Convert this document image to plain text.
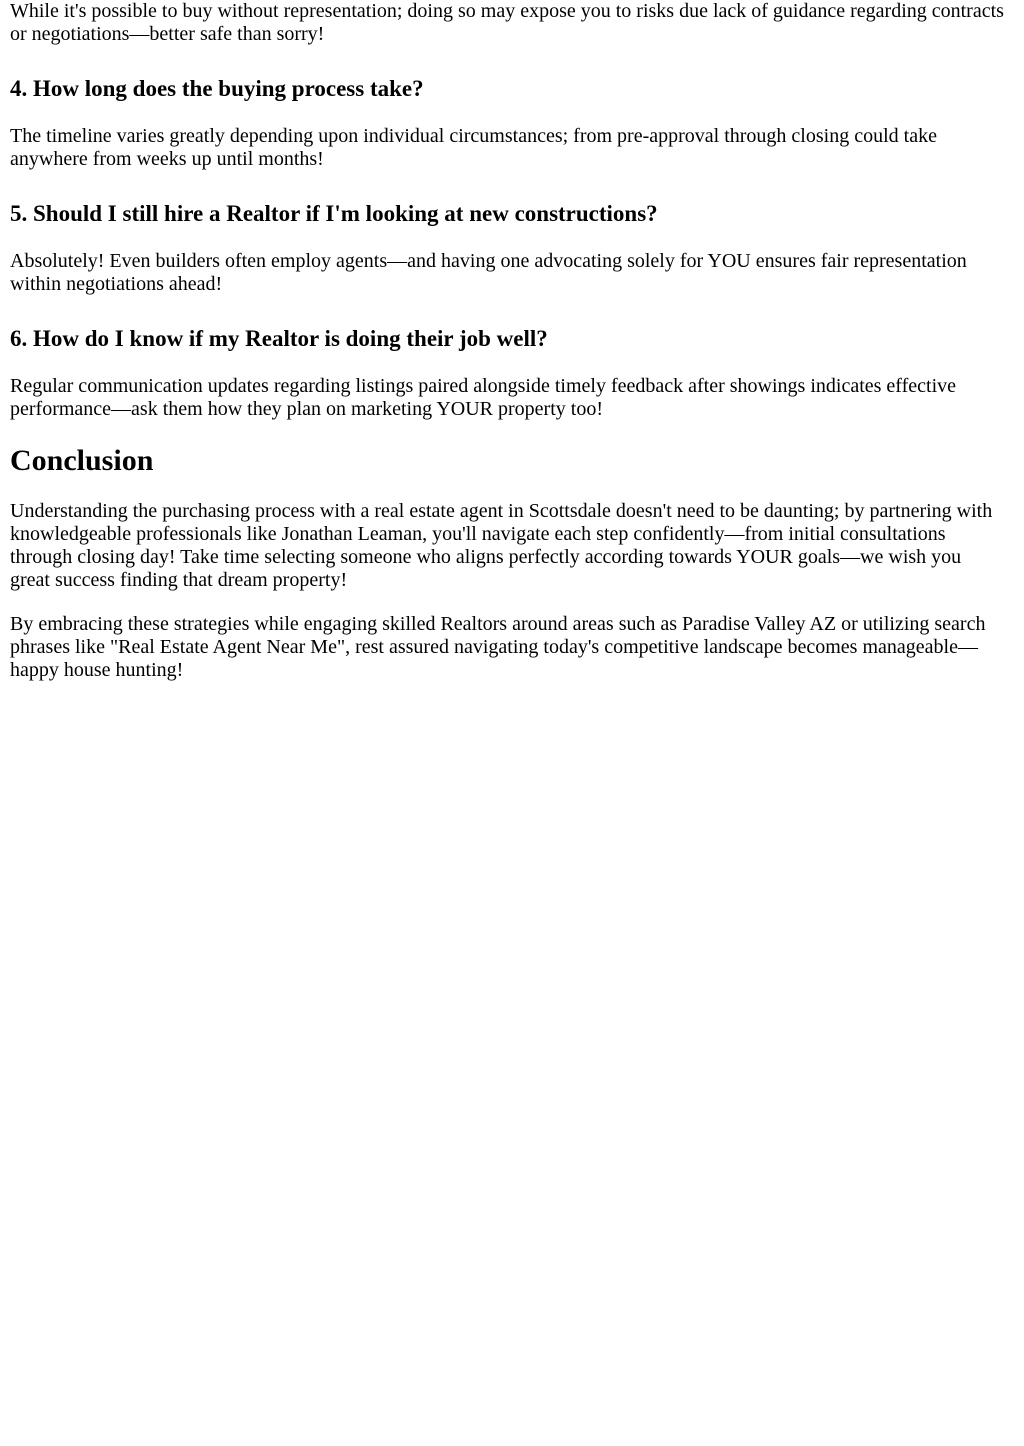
While it's possible to buy without representation; doing so may expose you to risks due lack of guidance regarding contracts or negotiations—better safe than sorry!

4. How long does the buying process take?

The timeline varies greatly depending upon individual circumstances; from pre-approval through closing could take anywhere from weeks up until months!

5. Should I still hire a Realtor if I'm looking at new constructions?

Absolutely! Even builders often employ agents—and having one advocating solely for YOU ensures fair representation within negotiations ahead!

6. How do I know if my Realtor is doing their job well?

Regular communication updates regarding listings paired alongside timely feedback after showings indicates effective performance—ask them how they plan on marketing YOUR property too!

Conclusion

Understanding the purchasing process with a real estate agent in Scottsdale doesn't need to be daunting; by partnering with knowledgeable professionals like Jonathan Leaman, you'll navigate each step confidently—from initial consultations through closing day! Take time selecting someone who aligns perfectly according towards YOUR goals—we wish you great success finding that dream property!

By embracing these strategies while engaging skilled Realtors around areas such as Paradise Valley AZ or utilizing search phrases like "Real Estate Agent Near Me", rest assured navigating today's competitive landscape becomes manageable—happy house hunting!
